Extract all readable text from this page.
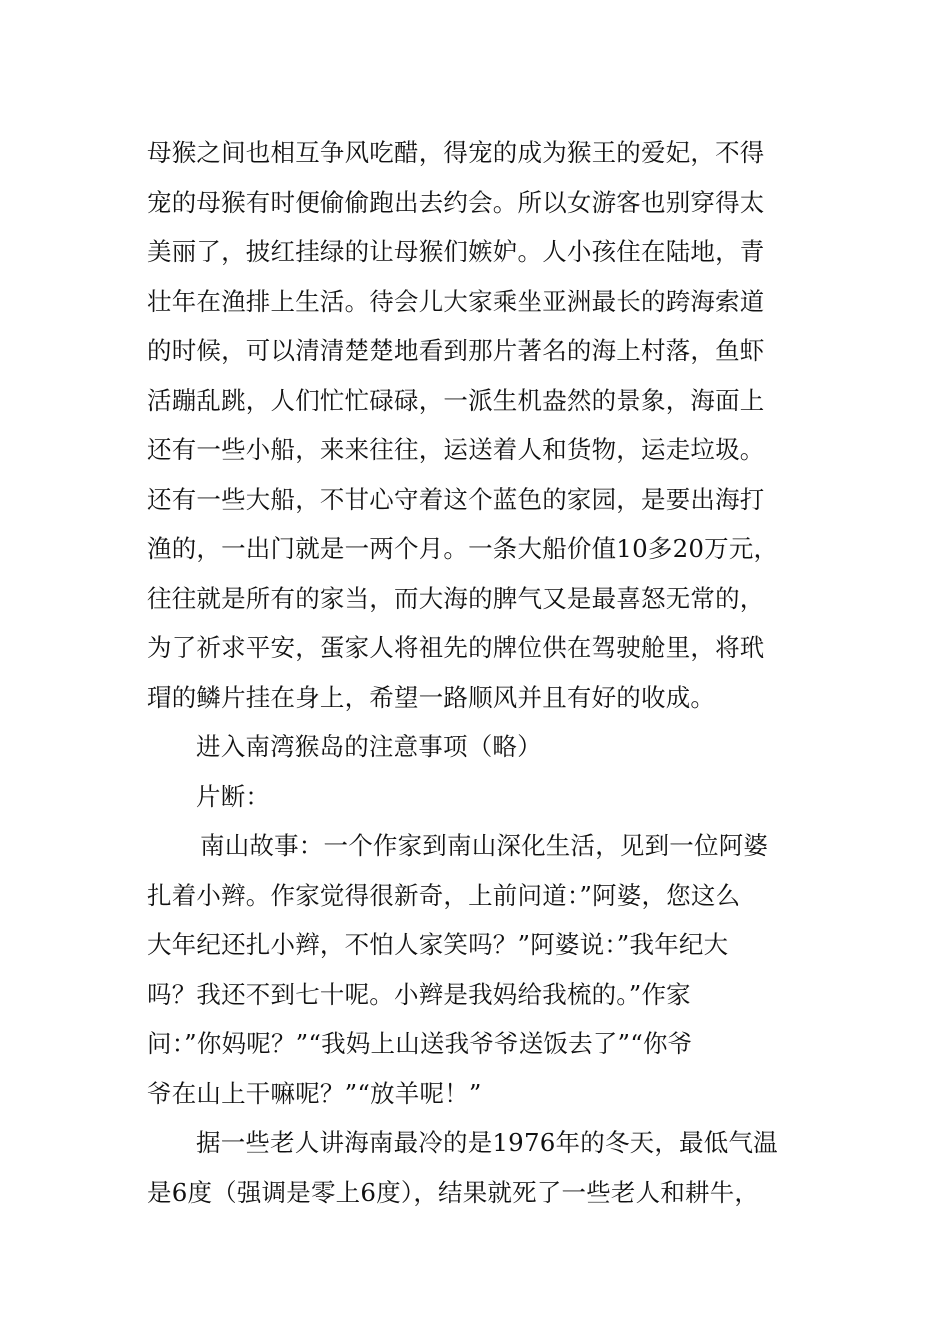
母猴之间也相互争风吃醋，得宠的成为猴王的爱妃，不得
宠的母猴有时便偷偷跑出去约会。所以女游客也别穿得太
美丽了，披红挂绿的让母猴们嫉妒。人小孩住在陆地，青
壮年在渔排上生活。待会儿大家乘坐亚洲最长的跨海索道
的时候，可以清清楚楚地看到那片著名的海上村落，鱼虾
活蹦乱跳，人们忙忙碌碌，一派生机盎然的景象，海面上
还有一些小船，来来往往，运送着人和货物，运走垃圾。
还有一些大船，不甘心守着这个蓝色的家园，是要出海打
渔的，一出门就是一两个月。一条大船价值10多20万元，
往往就是所有的家当，而大海的脾气又是最喜怒无常的，
为了祈求平安，蛋家人将祖先的牌位供在驾驶舱里，将玳
瑁的鳞片挂在身上，希望一路顺风并且有好的收成。
进入南湾猴岛的注意事项（略）
片断：
南山故事：一个作家到南山深化生活，见到一位阿婆
扎着小辫。作家觉得很新奇，上前问道：”阿婆，您这么
大年纪还扎小辫，不怕人家笑吗？”阿婆说：”我年纪大
吗？我还不到七十呢。小辫是我妈给我梳的。”作家
问：”你妈呢？”“我妈上山送我爷爷送饭去了”“你爷
爷在山上干嘛呢？”“放羊呢！”
据一些老人讲海南最冷的是1976年的冬天，最低气温
是6度（强调是零上6度），结果就死了一些老人和耕牛，
